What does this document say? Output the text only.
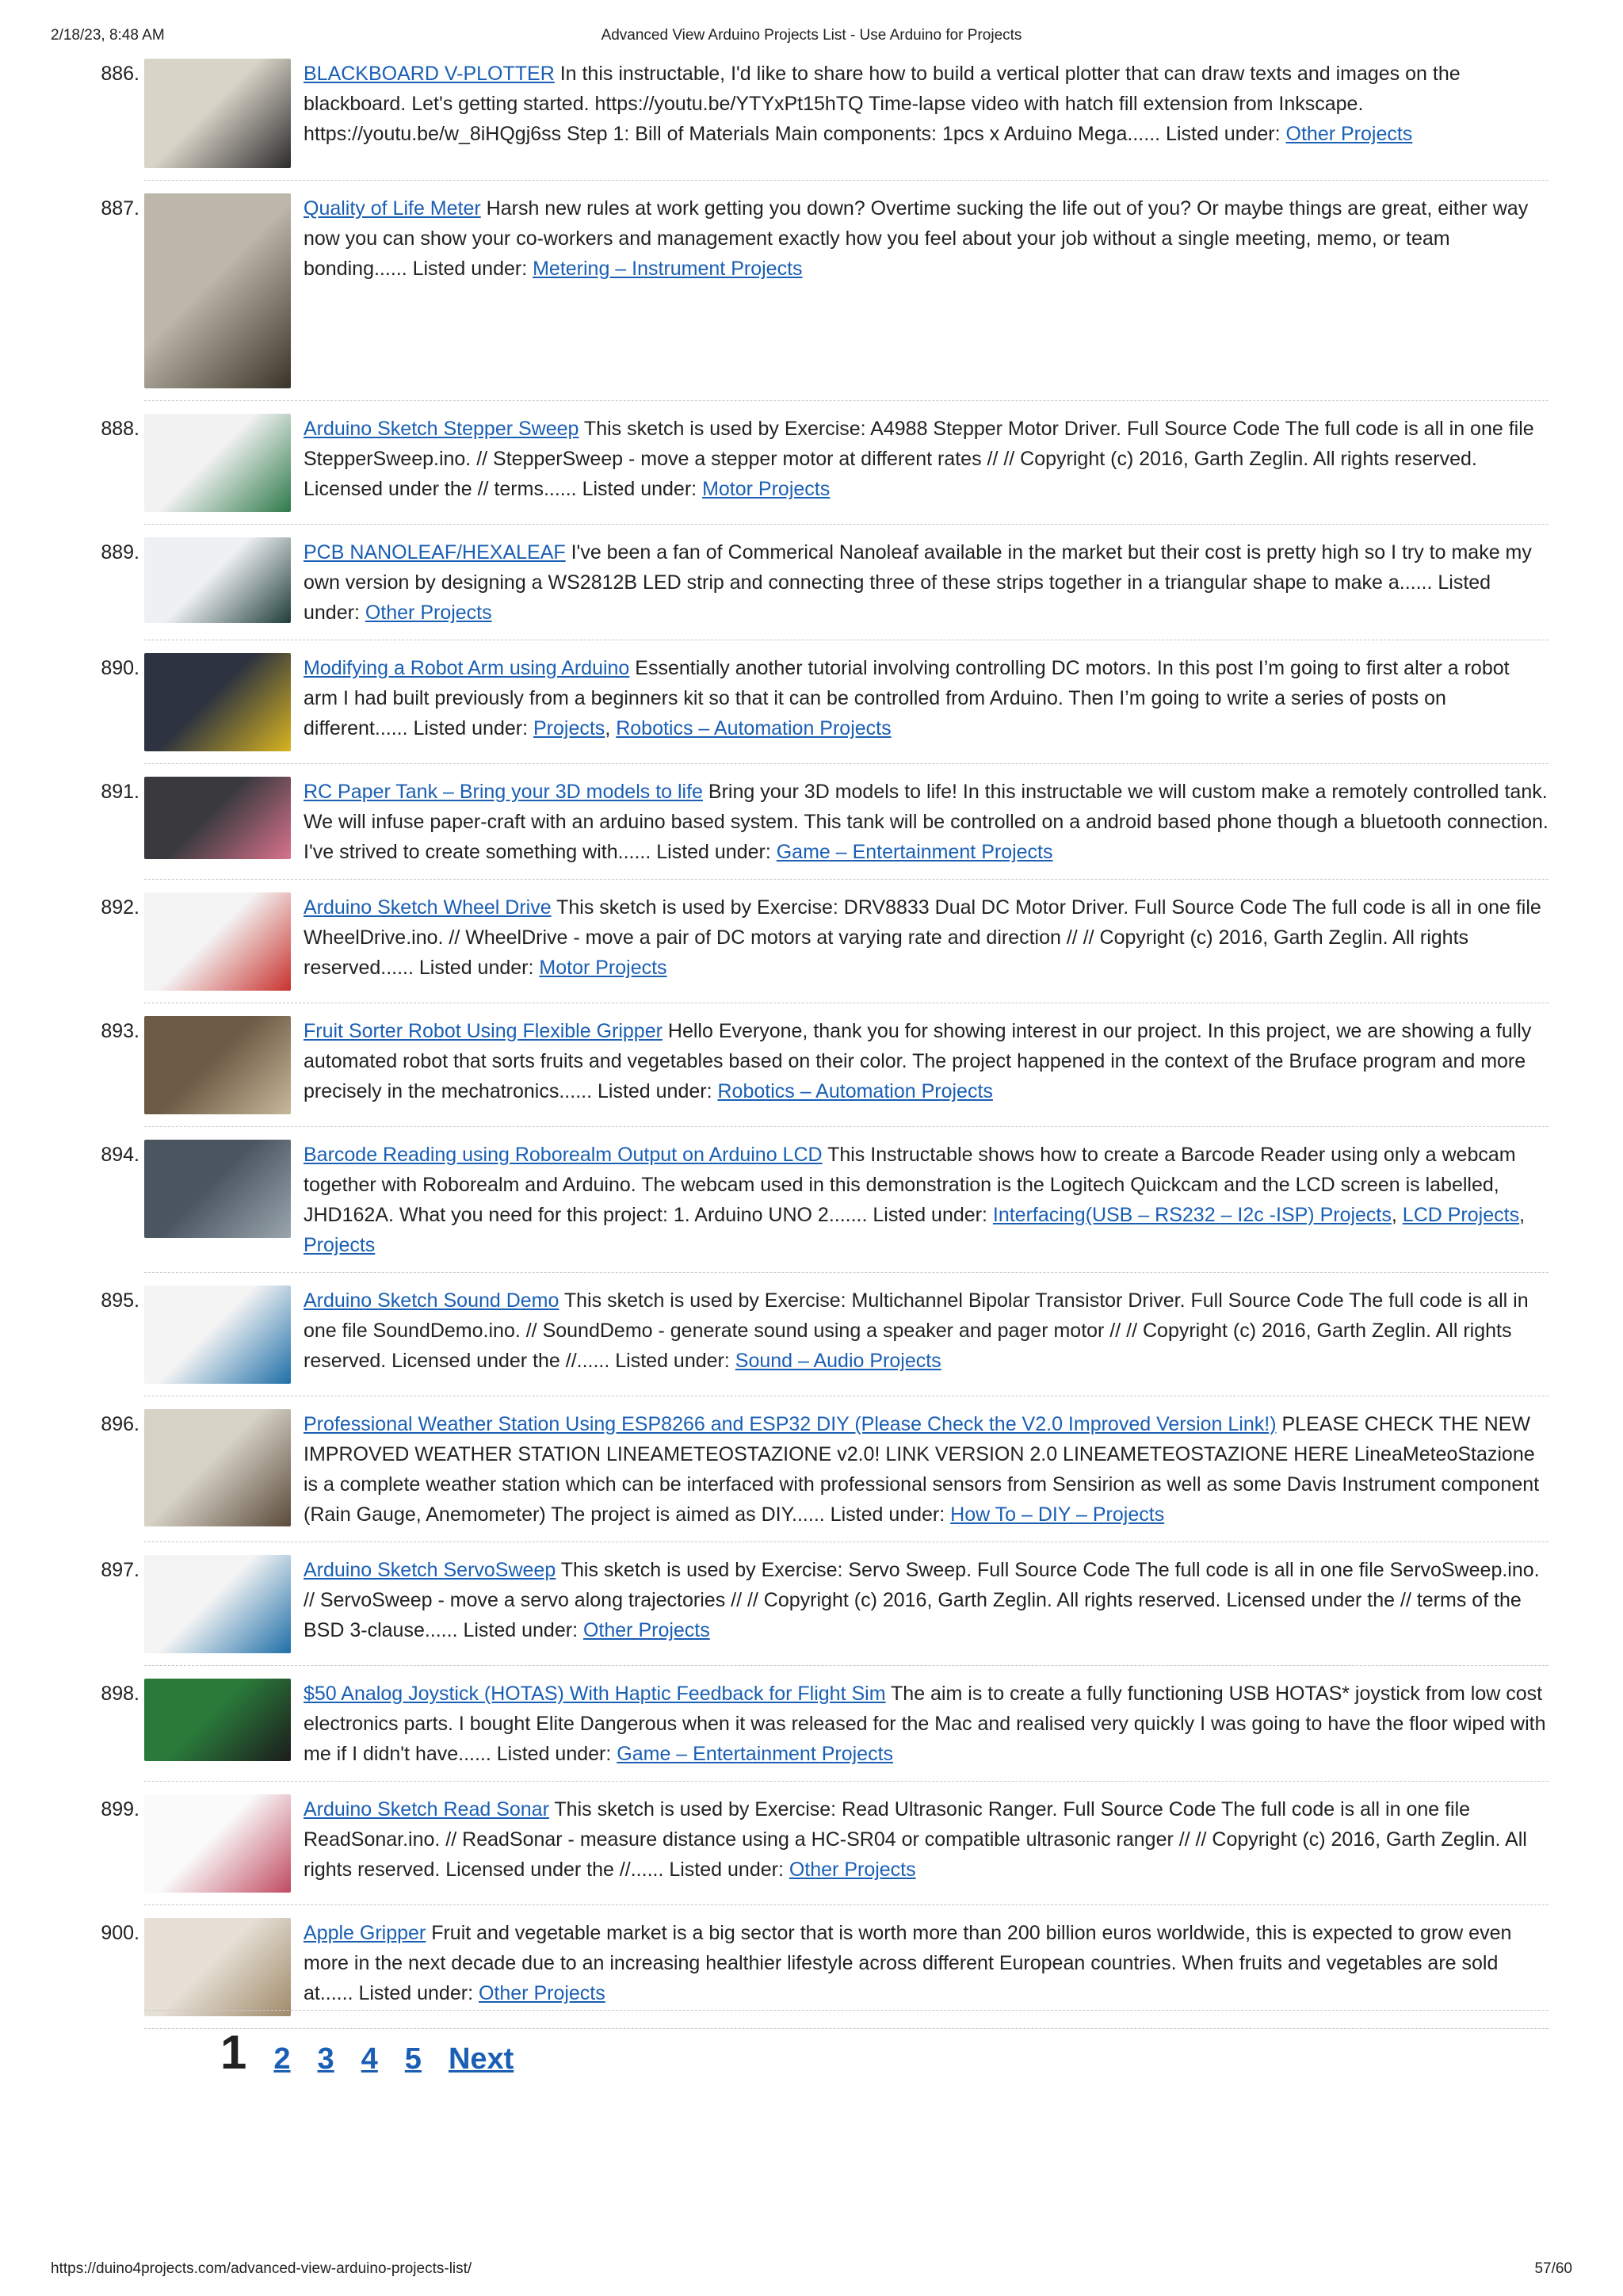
2/18/23, 8:48 AM	Advanced View Arduino Projects List - Use Arduino for Projects
886.	BLACKBOARD V-PLOTTER In this instructable, I'd like to share how to build a vertical plotter that can draw texts and images on the blackboard. Let's getting started. https://youtu.be/YTYxPt15hTQ Time-lapse video with hatch fill extension from Inkscape. https://youtu.be/w_8iHQgj6ss Step 1: Bill of Materials Main components: 1pcs x Arduino Mega...... Listed under: Other Projects
887.	Quality of Life Meter Harsh new rules at work getting you down? Overtime sucking the life out of you? Or maybe things are great, either way now you can show your co-workers and management exactly how you feel about your job without a single meeting, memo, or team bonding...... Listed under: Metering – Instrument Projects
888.	Arduino Sketch Stepper Sweep This sketch is used by Exercise: A4988 Stepper Motor Driver. Full Source Code The full code is all in one file StepperSweep.ino. // StepperSweep - move a stepper motor at different rates // // Copyright (c) 2016, Garth Zeglin. All rights reserved. Licensed under the // terms...... Listed under: Motor Projects
889.	PCB NANOLEAF/HEXALEAF I've been a fan of Commerical Nanoleaf available in the market but their cost is pretty high so I try to make my own version by designing a WS2812B LED strip and connecting three of these strips together in a triangular shape to make a...... Listed under: Other Projects
890.	Modifying a Robot Arm using Arduino Essentially another tutorial involving controlling DC motors. In this post I’m going to first alter a robot arm I had built previously from a beginners kit so that it can be controlled from Arduino. Then I’m going to write a series of posts on different...... Listed under: Projects, Robotics – Automation Projects
891.	RC Paper Tank – Bring your 3D models to life Bring your 3D models to life! In this instructable we will custom make a remotely controlled tank. We will infuse paper-craft with an arduino based system. This tank will be controlled on a android based phone though a bluetooth connection. I've strived to create something with...... Listed under: Game – Entertainment Projects
892.	Arduino Sketch Wheel Drive This sketch is used by Exercise: DRV8833 Dual DC Motor Driver. Full Source Code The full code is all in one file WheelDrive.ino. // WheelDrive - move a pair of DC motors at varying rate and direction // // Copyright (c) 2016, Garth Zeglin. All rights reserved...... Listed under: Motor Projects
893.	Fruit Sorter Robot Using Flexible Gripper Hello Everyone, thank you for showing interest in our project. In this project, we are showing a fully automated robot that sorts fruits and vegetables based on their color. The project happened in the context of the Bruface program and more precisely in the mechatronics...... Listed under: Robotics – Automation Projects
894.	Barcode Reading using Roborealm Output on Arduino LCD This Instructable shows how to create a Barcode Reader using only a webcam together with Roborealm and Arduino. The webcam used in this demonstration is the Logitech Quickcam and the LCD screen is labelled, JHD162A. What you need for this project: 1. Arduino UNO 2....... Listed under: Interfacing(USB – RS232 – I2c -ISP) Projects, LCD Projects, Projects
895.	Arduino Sketch Sound Demo This sketch is used by Exercise: Multichannel Bipolar Transistor Driver. Full Source Code The full code is all in one file SoundDemo.ino. // SoundDemo - generate sound using a speaker and pager motor // // Copyright (c) 2016, Garth Zeglin. All rights reserved. Licensed under the //...... Listed under: Sound – Audio Projects
896.	Professional Weather Station Using ESP8266 and ESP32 DIY (Please Check the V2.0 Improved Version Link!) PLEASE CHECK THE NEW IMPROVED WEATHER STATION LINEAMETEOSTAZIONE v2.0! LINK VERSION 2.0 LINEAMETEOSTAZIONE HERE LineaMeteoStazione is a complete weather station which can be interfaced with professional sensors from Sensirion as well as some Davis Instrument component (Rain Gauge, Anemometer) The project is aimed as DIY...... Listed under: How To – DIY – Projects
897.	Arduino Sketch ServoSweep This sketch is used by Exercise: Servo Sweep. Full Source Code The full code is all in one file ServoSweep.ino. // ServoSweep - move a servo along trajectories // // Copyright (c) 2016, Garth Zeglin. All rights reserved. Licensed under the // terms of the BSD 3-clause...... Listed under: Other Projects
898.	$50 Analog Joystick (HOTAS) With Haptic Feedback for Flight Sim The aim is to create a fully functioning USB HOTAS* joystick from low cost electronics parts. I bought Elite Dangerous when it was released for the Mac and realised very quickly I was going to have the floor wiped with me if I didn't have...... Listed under: Game – Entertainment Projects
899.	Arduino Sketch Read Sonar This sketch is used by Exercise: Read Ultrasonic Ranger. Full Source Code The full code is all in one file ReadSonar.ino. // ReadSonar - measure distance using a HC-SR04 or compatible ultrasonic ranger // // Copyright (c) 2016, Garth Zeglin. All rights reserved. Licensed under the //...... Listed under: Other Projects
900.	Apple Gripper Fruit and vegetable market is a big sector that is worth more than 200 billion euros worldwide, this is expected to grow even more in the next decade due to an increasing healthier lifestyle across different European countries. When fruits and vegetables are sold at...... Listed under: Other Projects
1 2 3 4 5 Next
https://duino4projects.com/advanced-view-arduino-projects-list/	57/60
